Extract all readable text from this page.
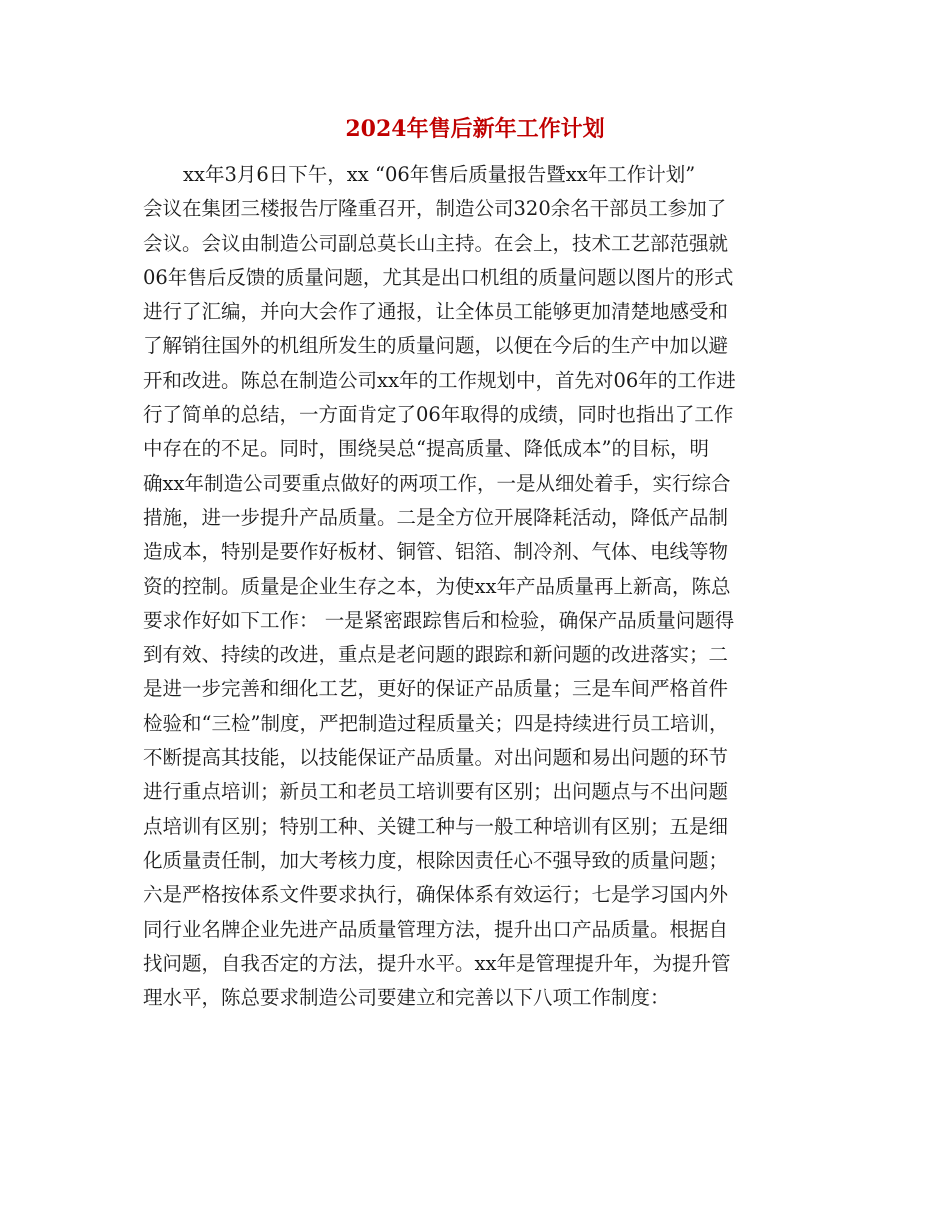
2024年售后新年工作计划
xx年3月6日下午，xx “06年售后质量报告暨xx年工作计划”
会议在集团三楼报告厅隆重召开，制造公司320余名干部员工参加了
会议。会议由制造公司副总莫长山主持。在会上，技术工艺部范强就
06年售后反馈的质量问题，尤其是出口机组的质量问题以图片的形式
进行了汇编，并向大会作了通报，让全体员工能够更加清楚地感受和
了解销往国外的机组所发生的质量问题，以便在今后的生产中加以避
开和改进。陈总在制造公司xx年的工作规划中，首先对06年的工作进
行了简单的总结，一方面肯定了06年取得的成绩，同时也指出了工作
中存在的不足。同时，围绕吴总“提高质量、降低成本”的目标，明
确xx年制造公司要重点做好的两项工作，一是从细处着手，实行综合
措施，进一步提升产品质量。二是全方位开展降耗活动，降低产品制
造成本，特别是要作好板材、铜管、铝箔、制冷剂、气体、电线等物
资的控制。质量是企业生存之本，为使xx年产品质量再上新高，陈总
要求作好如下工作： 一是紧密跟踪售后和检验，确保产品质量问题得
到有效、持续的改进，重点是老问题的跟踪和新问题的改进落实；二
是进一步完善和细化工艺，更好的保证产品质量；三是车间严格首件
检验和“三检”制度，严把制造过程质量关；四是持续进行员工培训，
不断提高其技能，以技能保证产品质量。对出问题和易出问题的环节
进行重点培训；新员工和老员工培训要有区别；出问题点与不出问题
点培训有区别；特别工种、关键工种与一般工种培训有区别；五是细
化质量责任制，加大考核力度，根除因责任心不强导致的质量问题；
六是严格按体系文件要求执行，确保体系有效运行；七是学习国内外
同行业名牌企业先进产品质量管理方法，提升出口产品质量。根据自
找问题，自我否定的方法，提升水平。xx年是管理提升年，为提升管
理水平，陈总要求制造公司要建立和完善以下八项工作制度：
